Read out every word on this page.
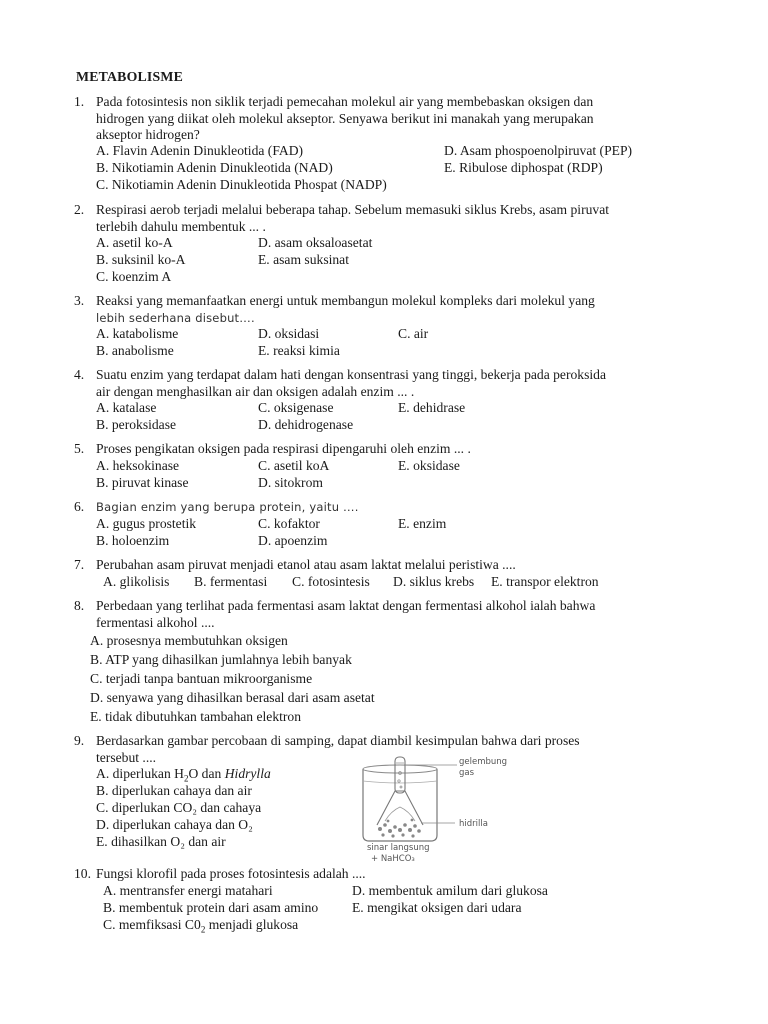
METABOLISME
1. Pada fotosintesis non siklik terjadi pemecahan molekul air yang membebaskan oksigen dan
hidrogen yang diikat oleh molekul akseptor. Senyawa berikut ini manakah yang merupakan
akseptor hidrogen?
A. Flavin Adenin Dinukleotida (FAD)
B. Nikotiamin Adenin Dinukleotida (NAD)
C. Nikotiamin Adenin Dinukleotida Phospat (NADP)
D. Asam phospoenolpiruvat (PEP)
E. Ribulose diphospat (RDP)
2. Respirasi aerob terjadi melalui beberapa tahap. Sebelum memasuki siklus Krebs, asam piruvat
terlebih dahulu membentuk ... .
A. asetil ko-A
B. suksinil ko-A
C. koenzim A
D. asam oksaloasetat
E. asam suksinat
3. Reaksi yang memanfaatkan energi untuk membangun molekul kompleks dari molekul yang
lebih sederhana disebut….
A. katabolisme
B. anabolisme
D. oksidasi
E. reaksi kimia
C. air
4. Suatu enzim yang terdapat dalam hati dengan konsentrasi yang tinggi, bekerja pada peroksida
air dengan menghasilkan air dan oksigen adalah enzim ... .
A. katalase
B. peroksidase
C. oksigenase
D. dehidrogenase
E. dehidrase
5. Proses pengikatan oksigen pada respirasi dipengaruhi oleh enzim ... .
A. heksokinase
B. piruvat kinase
C. asetil koA
D. sitokrom
E. oksidase
6. Bagian enzim yang berupa protein, yaitu ….
A. gugus prostetik
B. holoenzim
C. kofaktor
D. apoenzim
E. enzim
7. Perubahan asam piruvat menjadi etanol atau asam laktat melalui peristiwa ....
A. glikolisis B. fermentasi C. fotosintesis D. siklus krebs E. transpor elektron
8. Perbedaan yang terlihat pada fermentasi asam laktat dengan fermentasi alkohol ialah bahwa
fermentasi alkohol ....
A. prosesnya membutuhkan oksigen
B. ATP yang dihasilkan jumlahnya lebih banyak
C. terjadi tanpa bantuan mikroorganisme
D. senyawa yang dihasilkan berasal dari asam asetat
E. tidak dibutuhkan tambahan elektron
9. Berdasarkan gambar percobaan di samping, dapat diambil kesimpulan bahwa dari proses
tersebut ....
A. diperlukan $H_2O$ dan Hidrylla
B. diperlukan cahaya dan air
C. diperlukan CO₂ dan cahaya
D. diperlukan cahaya dan O₂
E. dihasilkan O₂ dan air
gelembung
gas
hidrilla
sinar langsung
+ NaHCO₃
10. Fungsi klorofil pada proses fotosintesis adalah ....
A. mentransfer energi matahari
B. membentuk protein dari asam amino
C. memfiksasi $C0_2$ menjadi glukosa
D. membentuk amilum dari glukosa
E. mengikat oksigen dari udara
